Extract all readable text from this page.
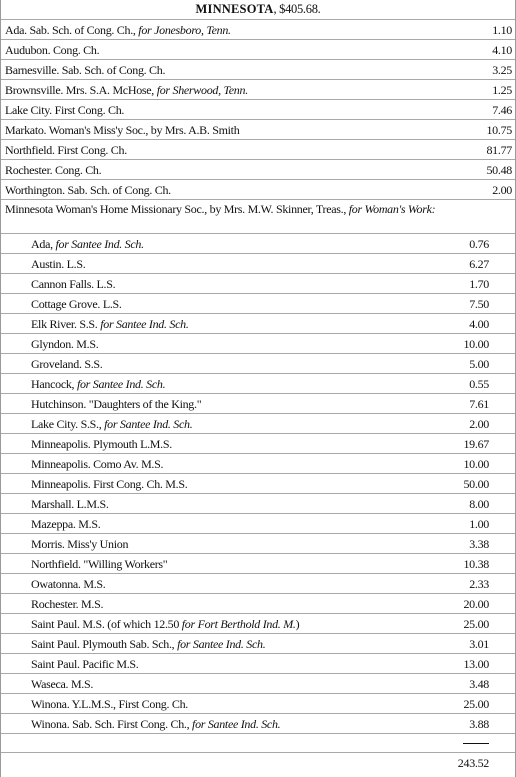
MINNESOTA, $405.68.
Ada. Sab. Sch. of Cong. Ch., for Jonesboro, Tenn.	1.10
Audubon. Cong. Ch.	4.10
Barnesville. Sab. Sch. of Cong. Ch.	3.25
Brownsville. Mrs. S.A. McHose, for Sherwood, Tenn.	1.25
Lake City. First Cong. Ch.	7.46
Markato. Woman's Miss'y Soc., by Mrs. A.B. Smith	10.75
Northfield. First Cong. Ch.	81.77
Rochester. Cong. Ch.	50.48
Worthington. Sab. Sch. of Cong. Ch.	2.00
Minnesota Woman's Home Missionary Soc., by Mrs. M.W. Skinner, Treas., for Woman's Work:
Ada, for Santee Ind. Sch.	0.76
Austin. L.S.	6.27
Cannon Falls. L.S.	1.70
Cottage Grove. L.S.	7.50
Elk River. S.S. for Santee Ind. Sch.	4.00
Glyndon. M.S.	10.00
Groveland. S.S.	5.00
Hancock, for Santee Ind. Sch.	0.55
Hutchinson. "Daughters of the King."	7.61
Lake City. S.S., for Santee Ind. Sch.	2.00
Minneapolis. Plymouth L.M.S.	19.67
Minneapolis. Como Av. M.S.	10.00
Minneapolis. First Cong. Ch. M.S.	50.00
Marshall. L.M.S.	8.00
Mazeppa. M.S.	1.00
Morris. Miss'y Union	3.38
Northfield. "Willing Workers"	10.38
Owatonna. M.S.	2.33
Rochester. M.S.	20.00
Saint Paul. M.S. (of which 12.50 for Fort Berthold Ind. M.)	25.00
Saint Paul. Plymouth Sab. Sch., for Santee Ind. Sch.	3.01
Saint Paul. Pacific M.S.	13.00
Waseca. M.S.	3.48
Winona. Y.L.M.S., First Cong. Ch.	25.00
Winona. Sab. Sch. First Cong. Ch., for Santee Ind. Sch.	3.88
243.52
